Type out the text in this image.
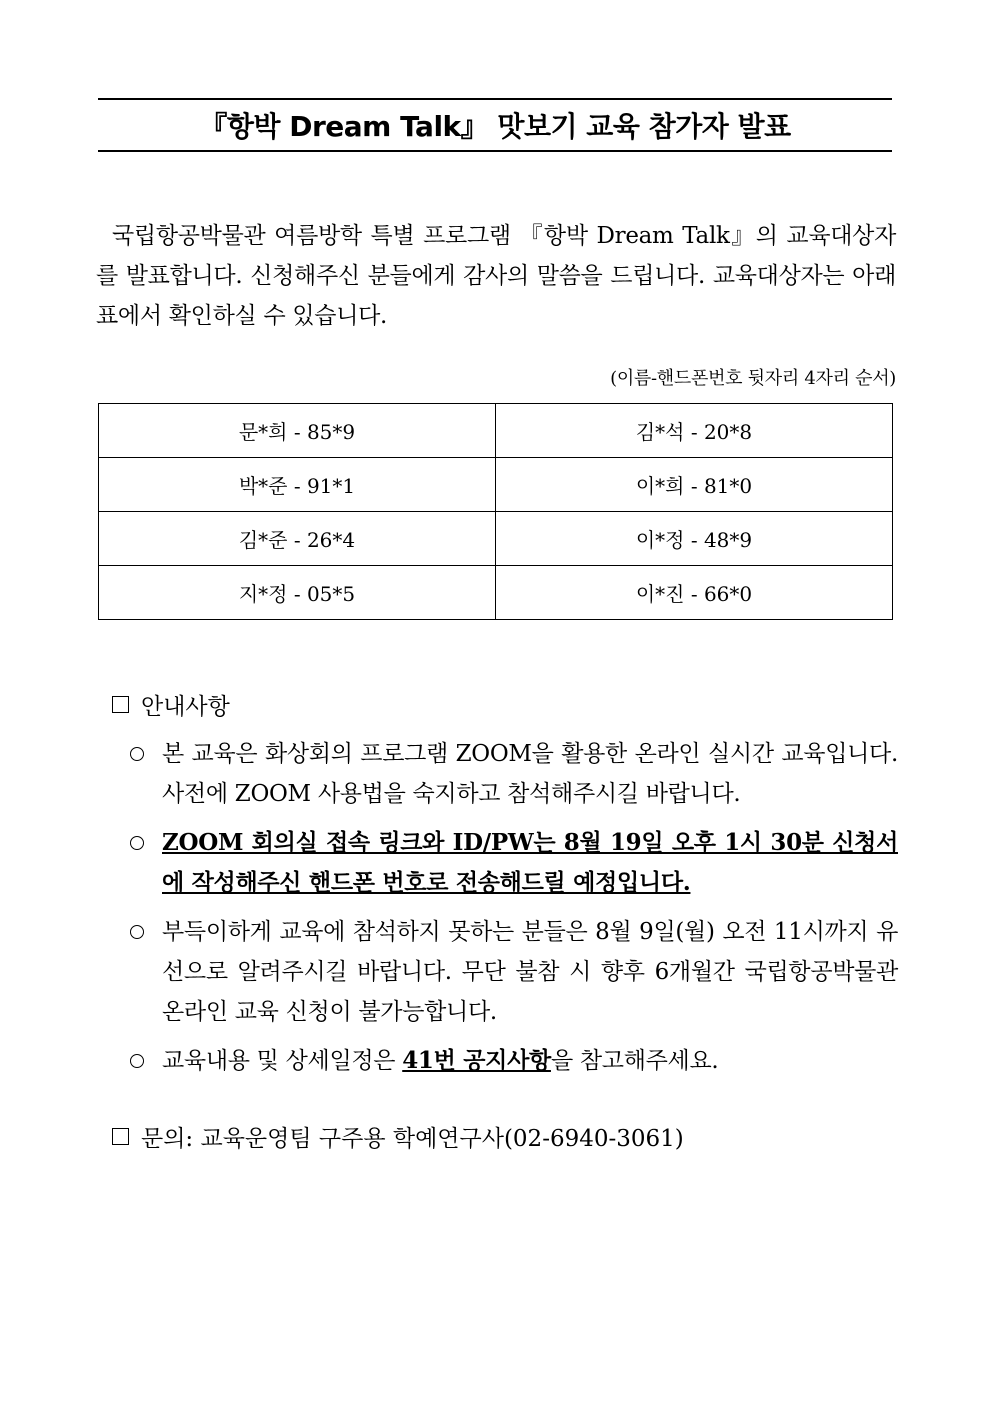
『항박 Dream Talk』 맛보기 교육 참가자 발표

국립항공박물관 여름방학 특별 프로그램 『항박 Dream Talk』의 교육대상자를 발표합니다. 신청해주신 분들에게 감사의 말씀을 드립니다. 교육대상자는 아래 표에서 확인하실 수 있습니다.

(이름-핸드폰번호 뒷자리 4자리 순서)
문*희 - 85*9	김*석 - 20*8
박*준 - 91*1	이*희 - 81*0
김*준 - 26*4	이*정 - 48*9
지*정 - 05*5	이*진 - 66*0
안내사항
본 교육은 화상회의 프로그램 ZOOM을 활용한 온라인 실시간 교육입니다. 사전에 ZOOM 사용법을 숙지하고 참석해주시길 바랍니다.
ZOOM 회의실 접속 링크와 ID/PW는 8월 19일 오후 1시 30분 신청서에 작성해주신 핸드폰 번호로 전송해드릴 예정입니다.
부득이하게 교육에 참석하지 못하는 분들은 8월 9일(월) 오전 11시까지 유선으로 알려주시길 바랍니다. 무단 불참 시 향후 6개월간 국립항공박물관 온라인 교육 신청이 불가능합니다.
교육내용 및 상세일정은 41번 공지사항을 참고해주세요.
문의: 교육운영팀 구주용 학예연구사(02-6940-3061)
